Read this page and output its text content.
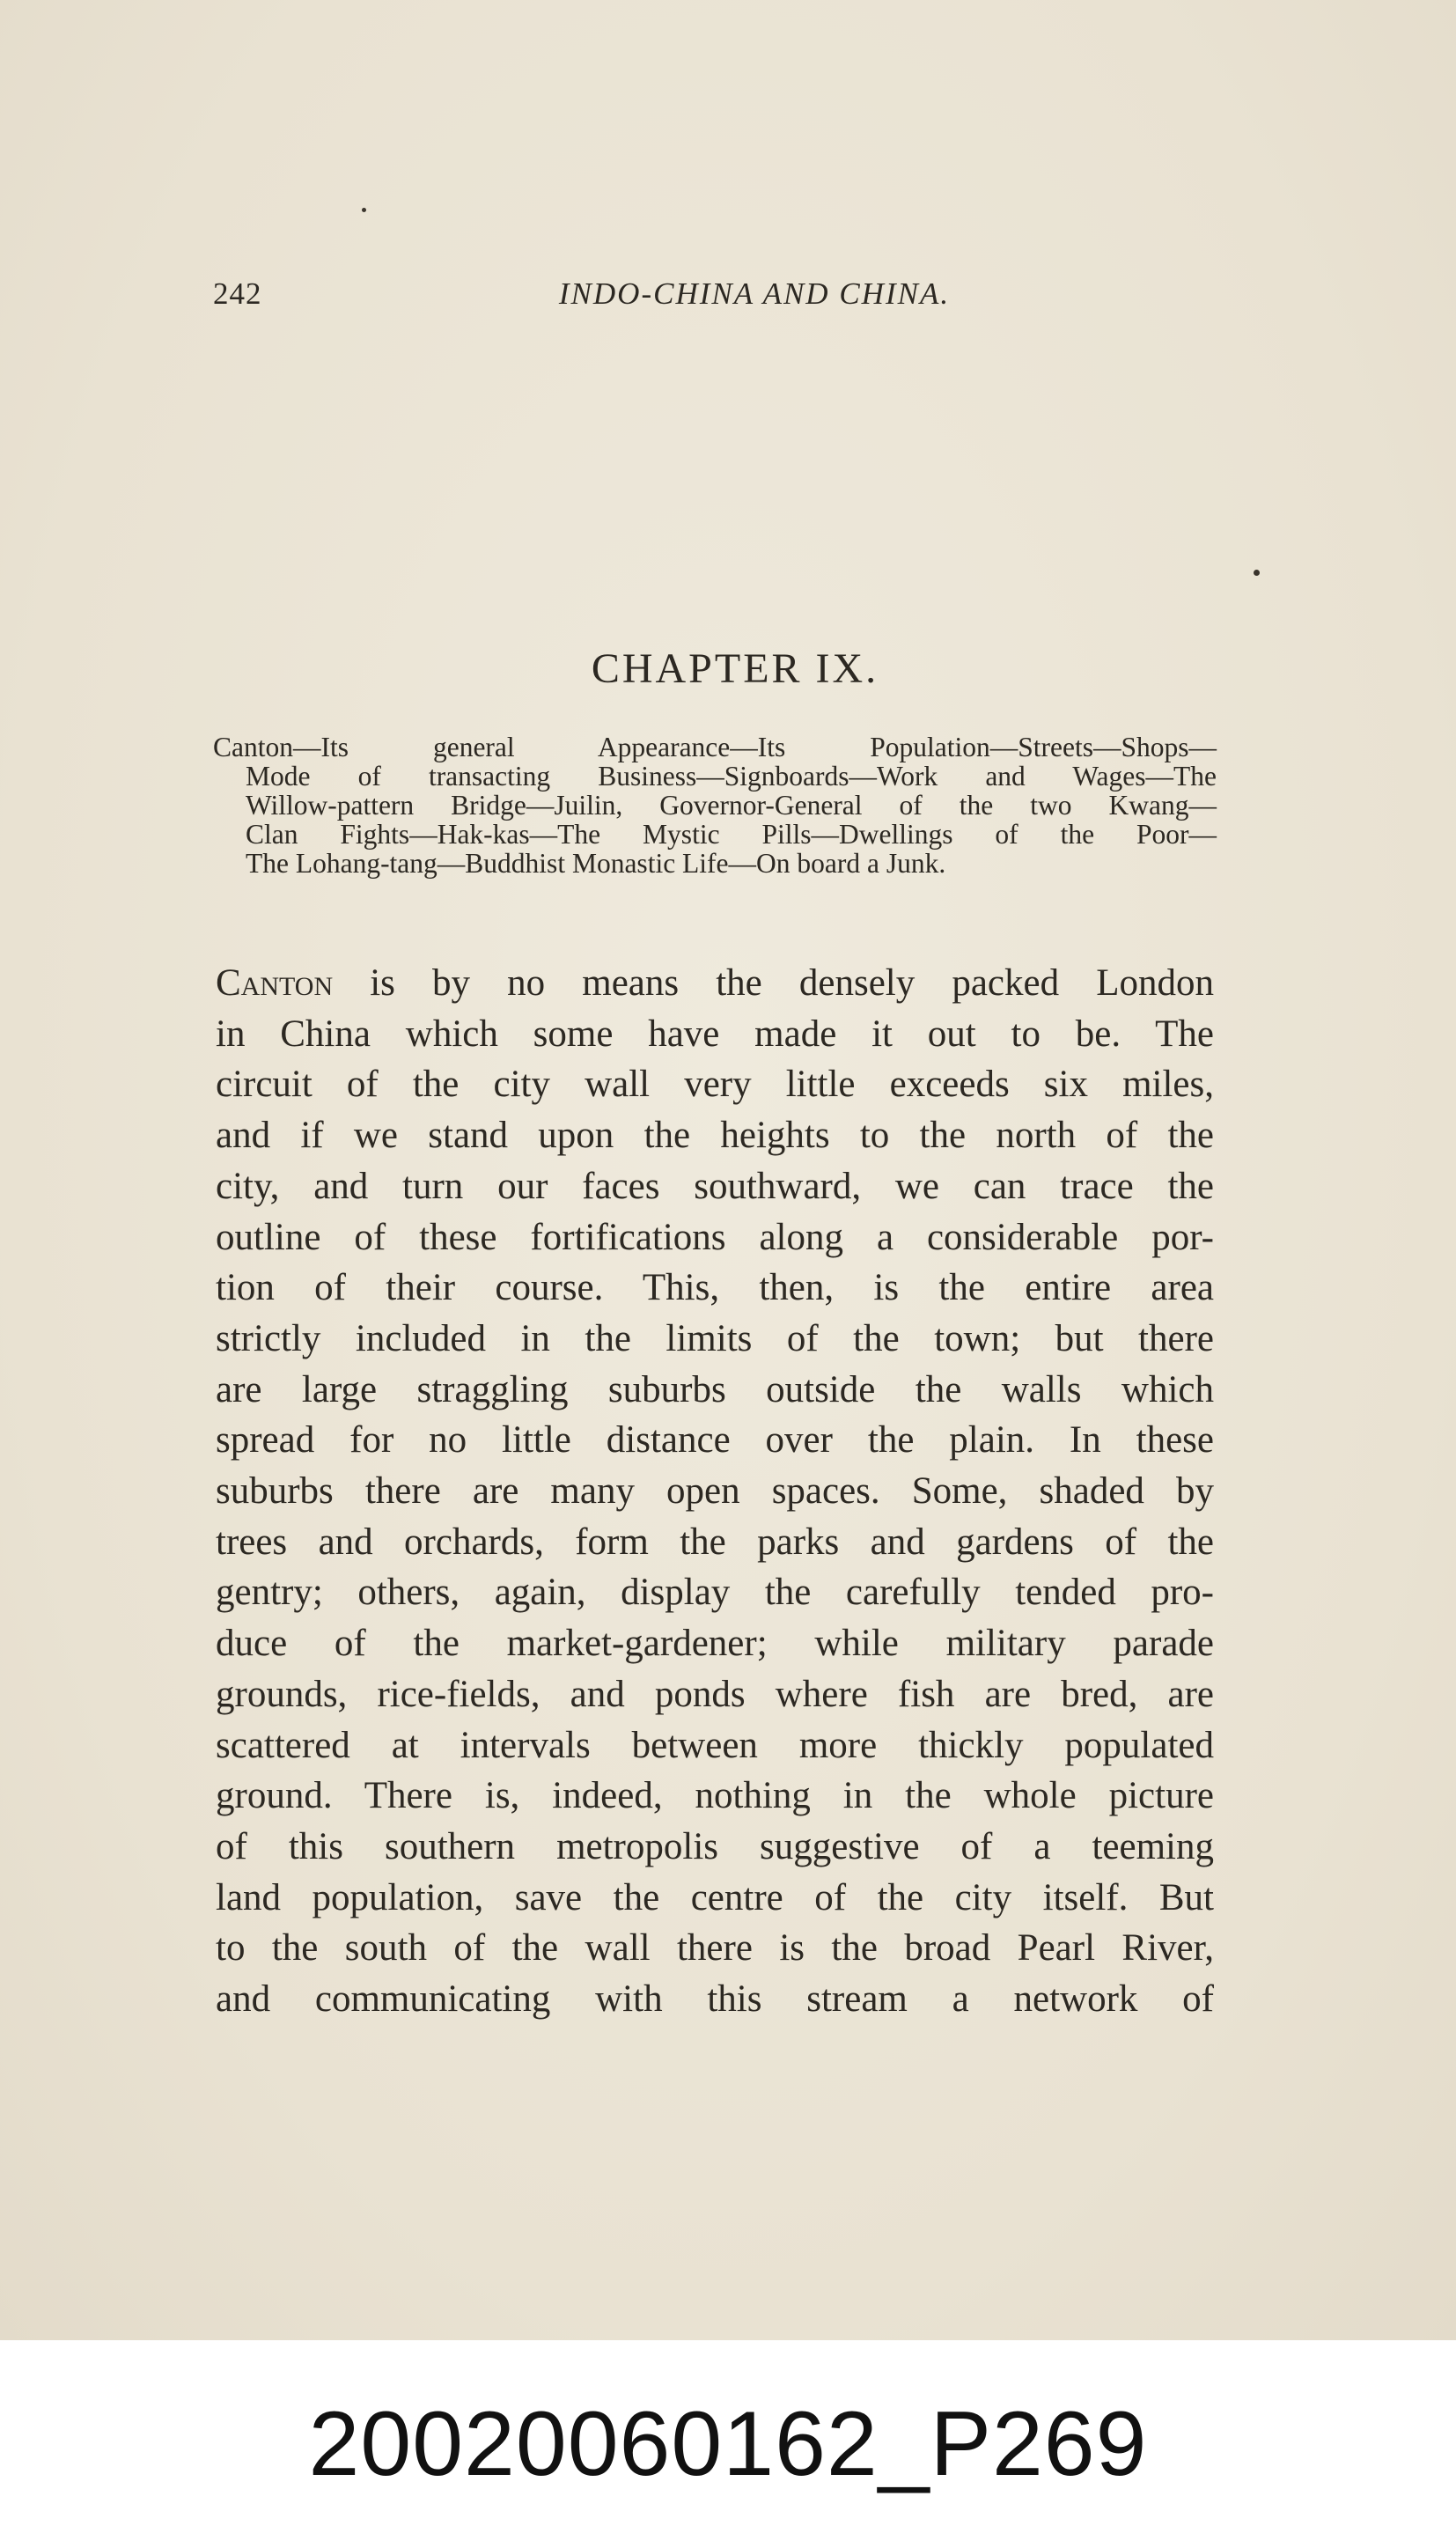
242	INDO-CHINA AND CHINA.
CHAPTER IX.
Canton—Its general Appearance—Its Population—Streets—Shops—
Mode of transacting Business—Signboards—Work and Wages—The
Willow-pattern Bridge—Juilin, Governor-General of the two Kwang—
Clan Fights—Hak-kas—The Mystic Pills—Dwellings of the Poor—
The Lohang-tang—Buddhist Monastic Life—On board a Junk.
Canton is by no means the densely packed London
in China which some have made it out to be. The
circuit of the city wall very little exceeds six miles,
and if we stand upon the heights to the north of the
city, and turn our faces southward, we can trace the
outline of these fortifications along a considerable por-
tion of their course. This, then, is the entire area
strictly included in the limits of the town; but there
are large straggling suburbs outside the walls which
spread for no little distance over the plain. In these
suburbs there are many open spaces. Some, shaded by
trees and orchards, form the parks and gardens of the
gentry; others, again, display the carefully tended pro-
duce of the market-gardener; while military parade
grounds, rice-fields, and ponds where fish are bred, are
scattered at intervals between more thickly populated
ground. There is, indeed, nothing in the whole picture
of this southern metropolis suggestive of a teeming
land population, save the centre of the city itself. But
to the south of the wall there is the broad Pearl River,
and communicating with this stream a network of
20020060162_P269
